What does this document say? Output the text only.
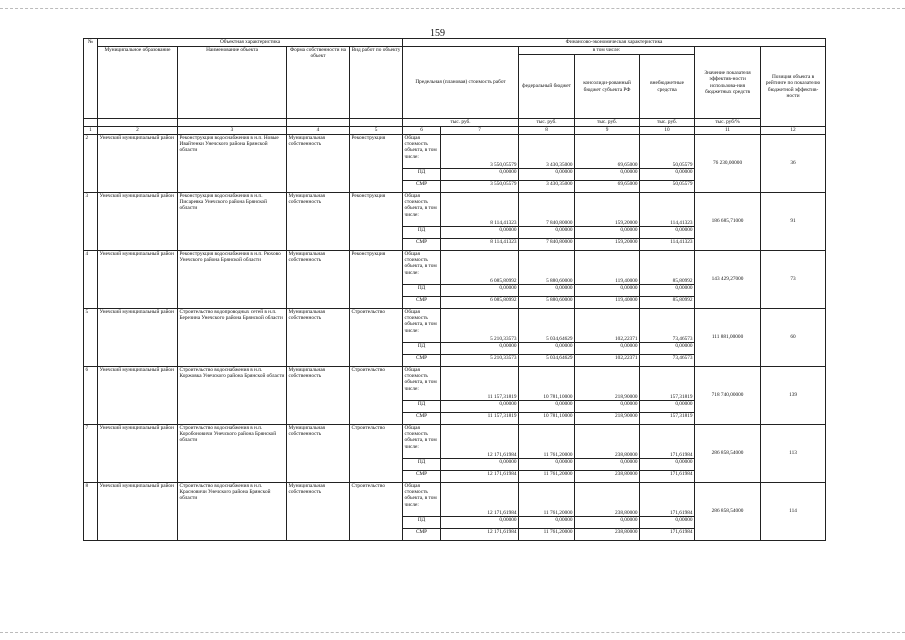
159
№	Объектная характеристика				Финансово-экономическая характеристика							
	Муниципальное образование	Наименование объекта	Форма собственности на объект	Вид работ по объекту	Предельная (плановая) стоимость работ		в том числе:			Значение показателя эффектив-ности использова-ния бюджетных средств	Позиция объекта в рейтинге по показателю бюджетной эффектив-ности	
							федеральный бюджет	консолиди-рованный бюджет субъекта РФ	внебюджетные средства			
					тыс. руб.		тыс. руб.	тыс. руб.	тыс. руб.	тыс. руб/%		
1	2	3	4	5	6	7	8	9	10	11	12	
2	Унечский муниципальный район	Реконструкция водоснабжения в н.п. Новые Ивайтенки Унечского района Брянской области	Муниципальная собственность	Реконструкция	Общая стоимость объекта, в том числе:	3 550,05579	3 430,35000	69,65000	50,05579	76 230,00000	36	
					ПД	0,00000	0,00000	0,00000	0,00000			
					СМР	3 550,05579	3 430,35000	69,65000	50,05579			
3	Унечский муниципальный район	Реконструкция водоснабжения в н.п. Писаревка Унечского района Брянской области	Муниципальная собственность	Реконструкция	Общая стоимость объекта, в том числе:	8 114,41323	7 840,80000	159,20000	114,41323	186 685,71000	91	
					ПД	0,00000	0,00000	0,00000	0,00000			
					СМР	8 114,41323	7 840,80000	159,20000	114,41323			
4	Унечский муниципальный район	Реконструкция водоснабжения в н.п. Рюхово Унечского района Брянской области	Муниципальная собственность	Реконструкция	Общая стоимость объекта, в том числе:	6 085,80992	5 880,60000	119,40000	85,80992	143 429,27000	73	
					ПД	0,00000	0,00000	0,00000	0,00000			
					СМР	6 085,80992	5 880,60000	119,40000	85,80992			
5	Унечский муниципальный район	Строительство водопроводных сетей в н.п. Березина Унечского района Брянской области	Муниципальная собственность	Строительство	Общая стоимость объекта, в том числе:	5 210,33573	5 034,64629	102,22371	73,46573	111 881,00000	60	
					ПД	0,00000	0,00000	0,00000	0,00000			
					СМР	5 210,33573	5 034,64629	102,22371	73,46573			
6	Унечский муниципальный район	Строительство водоснабжения в н.п. Коржовка Унечского района Брянской области	Муниципальная собственность	Строительство	Общая стоимость объекта, в том числе:	11 157,31819	10 781,10000	218,90000	157,31819	718 740,00000	139	
					ПД	0,00000	0,00000	0,00000	0,00000			
					СМР	11 157,31819	10 781,10000	218,90000	157,31819			
7	Унечский муниципальный район	Строительство водоснабжения в н.п. Коробоновичи Унечского района Брянской области	Муниципальная собственность	Строительство	Общая стоимость объекта, в том числе:	12 171,61984	11 761,20000	238,80000	171,61984	286 858,54000	113	
					ПД	0,00000	0,00000	0,00000	0,00000			
					СМР	12 171,61984	11 761,20000	238,80000	171,61984			
8	Унечский муниципальный район	Строительство водоснабжения в н.п. Красновичи Унечского района Брянской области	Муниципальная собственность	Строительство	Общая стоимость объекта, в том числе:	12 171,61984	11 761,20000	238,80000	171,61984	286 858,54000	114	
					ПД	0,00000	0,00000	0,00000	0,00000			
					СМР	12 171,61984	11 761,20000	238,80000	171,61984			
